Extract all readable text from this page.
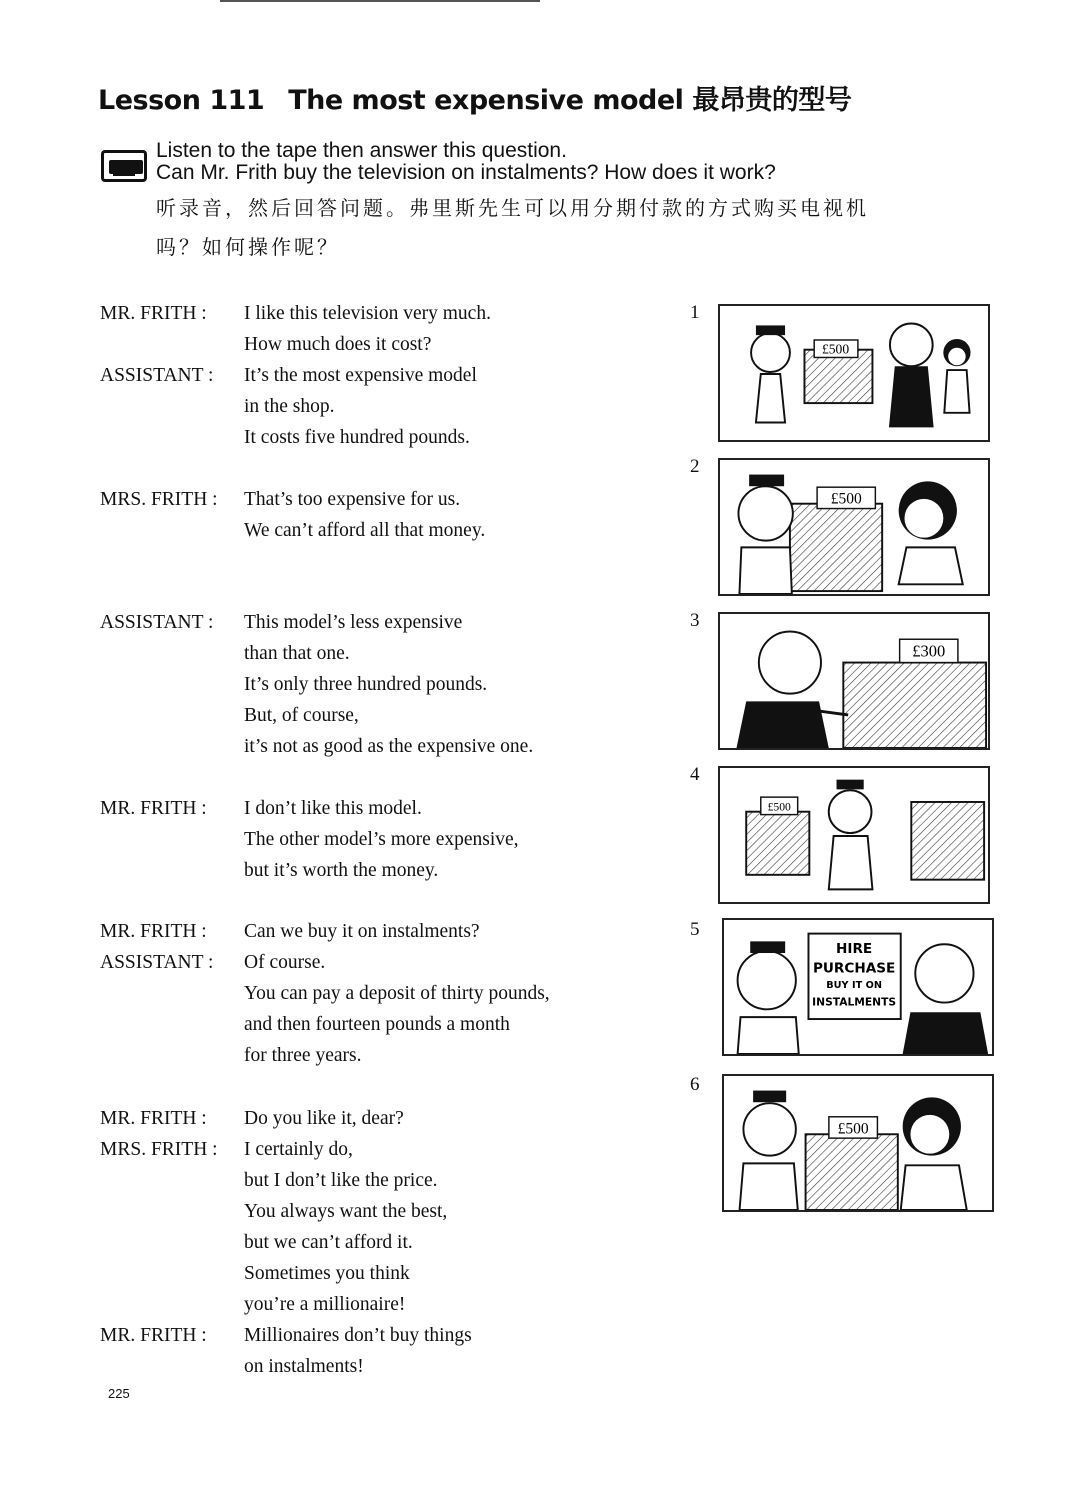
Lesson 111 The most expensive model 最昂贵的型号
Listen to the tape then answer this question.
Can Mr. Frith buy the television on instalments? How does it work?
听录音，然后回答问题。弗里斯先生可以用分期付款的方式购买电视机
吗？如何操作呢？
MR. FRITH :	I like this television very much.
How much does it cost?
ASSISTANT :	It’s the most expensive model
in the shop.
It costs five hundred pounds.
MRS. FRITH :	That’s too expensive for us.
We can’t afford all that money.
ASSISTANT :	This model’s less expensive
than that one.
It’s only three hundred pounds.
But, of course,
it’s not as good as the expensive one.
MR. FRITH :	I don’t like this model.
The other model’s more expensive,
but it’s worth the money.
MR. FRITH :	Can we buy it on instalments?
ASSISTANT :	Of course.
You can pay a deposit of thirty pounds,
and then fourteen pounds a month
for three years.
MR. FRITH :	Do you like it, dear?
MRS. FRITH :	I certainly do,
but I don’t like the price.
You always want the best,
but we can’t afford it.
Sometimes you think
you’re a millionaire!
MR. FRITH :	Millionaires don’t buy things
on instalments!
1
£500
2
£500
3
£300
4
£500
5
HIRE
PURCHASE
BUY IT ON
INSTALMENTS
6
£500
225
